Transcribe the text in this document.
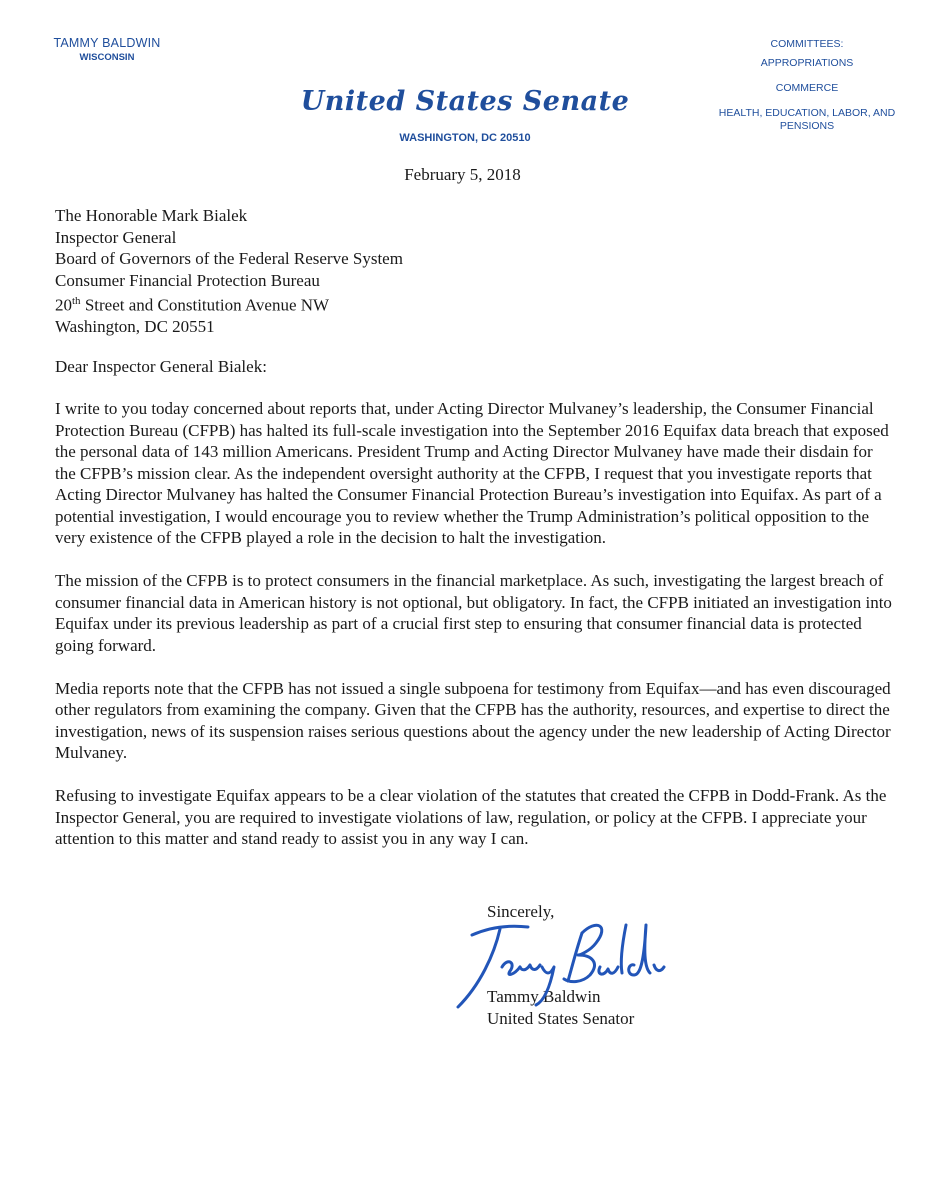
TAMMY BALDWIN
WISCONSIN
United States Senate
WASHINGTON, DC 20510
COMMITTEES:
APPROPRIATIONS
COMMERCE
HEALTH, EDUCATION, LABOR, AND PENSIONS
February 5, 2018
The Honorable Mark Bialek
Inspector General
Board of Governors of the Federal Reserve System
Consumer Financial Protection Bureau
20th Street and Constitution Avenue NW
Washington, DC 20551
Dear Inspector General Bialek:

I write to you today concerned about reports that, under Acting Director Mulvaney’s leadership, the Consumer Financial Protection Bureau (CFPB) has halted its full-scale investigation into the September 2016 Equifax data breach that exposed the personal data of 143 million Americans. President Trump and Acting Director Mulvaney have made their disdain for the CFPB’s mission clear. As the independent oversight authority at the CFPB, I request that you investigate reports that Acting Director Mulvaney has halted the Consumer Financial Protection Bureau’s investigation into Equifax. As part of a potential investigation, I would encourage you to review whether the Trump Administration’s political opposition to the very existence of the CFPB played a role in the decision to halt the investigation.

The mission of the CFPB is to protect consumers in the financial marketplace. As such, investigating the largest breach of consumer financial data in American history is not optional, but obligatory. In fact, the CFPB initiated an investigation into Equifax under its previous leadership as part of a crucial first step to ensuring that consumer financial data is protected going forward.

Media reports note that the CFPB has not issued a single subpoena for testimony from Equifax—and has even discouraged other regulators from examining the company. Given that the CFPB has the authority, resources, and expertise to direct the investigation, news of its suspension raises serious questions about the agency under the new leadership of Acting Director Mulvaney.

Refusing to investigate Equifax appears to be a clear violation of the statutes that created the CFPB in Dodd-Frank. As the Inspector General, you are required to investigate violations of law, regulation, or policy at the CFPB. I appreciate your attention to this matter and stand ready to assist you in any way I can.

Sincerely,
Tammy Baldwin
United States Senator
